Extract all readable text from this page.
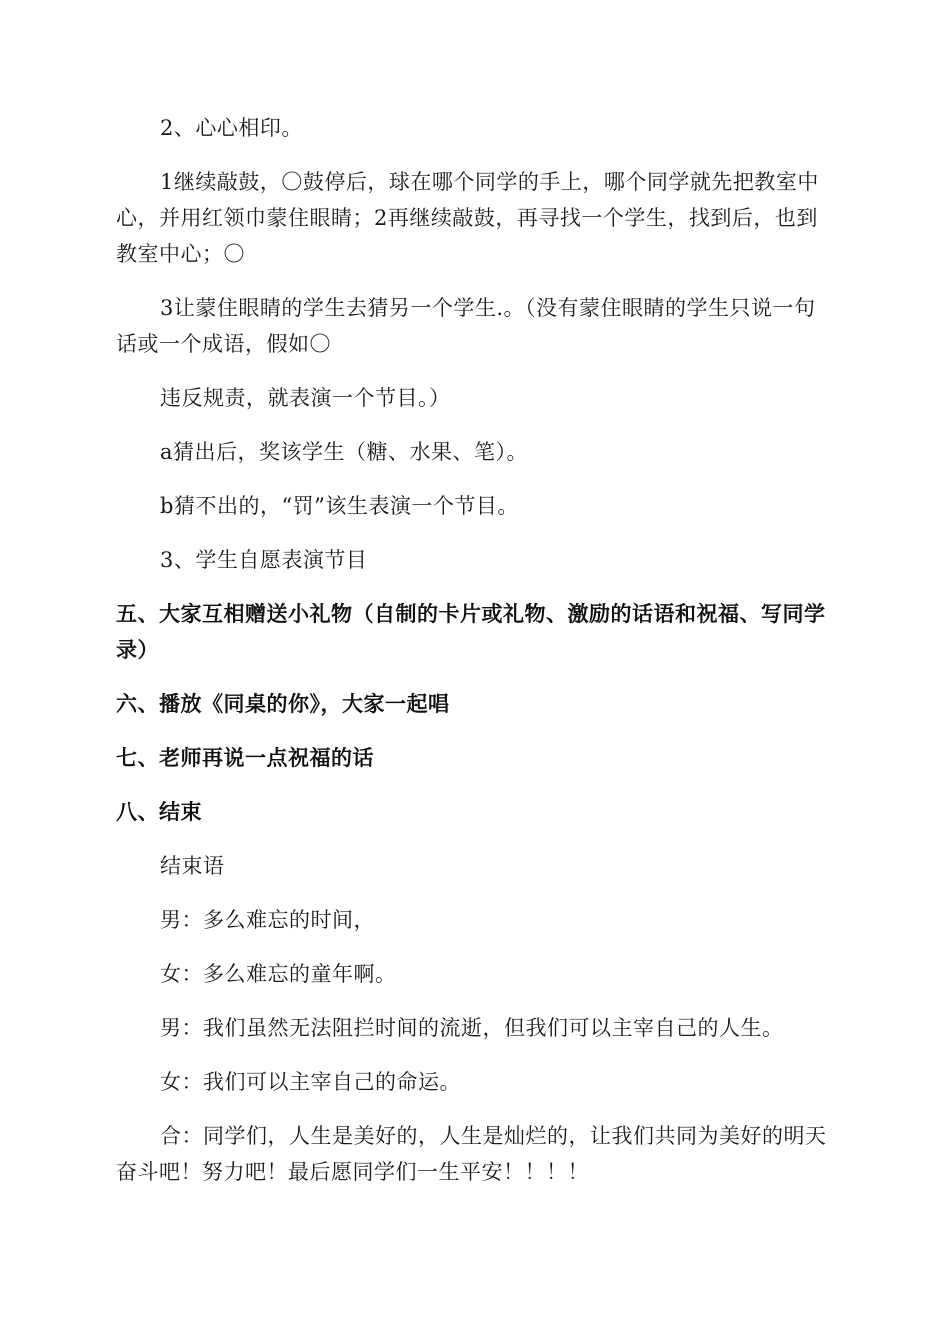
2、心心相印。

1继续敲鼓，〇鼓停后，球在哪个同学的手上，哪个同学就先把教室中心，并用红领巾蒙住眼睛；2再继续敲鼓，再寻找一个学生，找到后，也到教室中心；〇

3让蒙住眼睛的学生去猜另一个学生.。（没有蒙住眼睛的学生只说一句话或一个成语，假如〇

违反规责，就表演一个节目。）

a猜出后，奖该学生（糖、水果、笔）。

b猜不出的，“罚”该生表演一个节目。

3、学生自愿表演节目

五、大家互相赠送小礼物（自制的卡片或礼物、激励的话语和祝福、写同学录）

六、播放《同桌的你》，大家一起唱

七、老师再说一点祝福的话

八、结束

结束语

男：多么难忘的时间，

女：多么难忘的童年啊。

男：我们虽然无法阻拦时间的流逝，但我们可以主宰自己的人生。

女：我们可以主宰自己的命运。

合：同学们，人生是美好的，人生是灿烂的，让我们共同为美好的明天奋斗吧！努力吧！最后愿同学们一生平安！！！！
